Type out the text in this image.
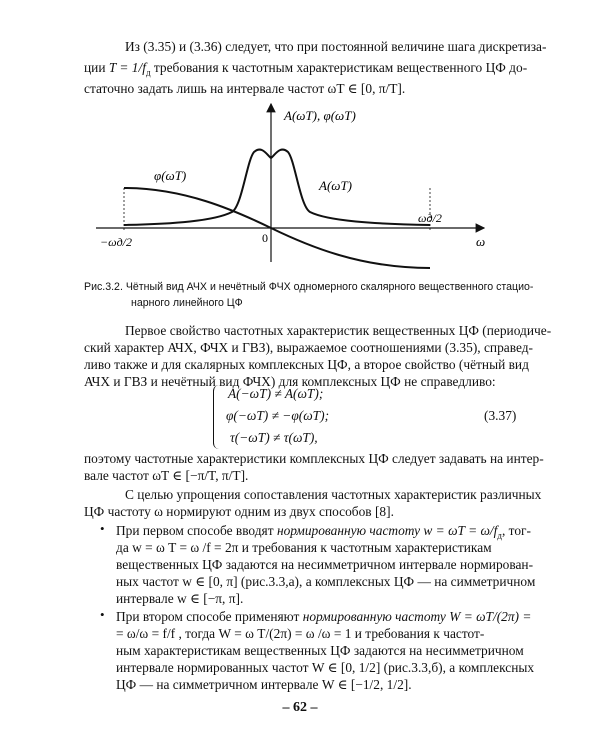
Из (3.35) и (3.36) следует, что при постоянной величине шага дискретиза-
ции $T = 1/f_д$ требования к частотным характеристикам вещественного ЦФ до-
статочно задать лишь на интервале частот ωT ∈ [0, π/T].
A(ωT), φ(ωT)
φ(ωT)
A(ωT)
ωд/2
−ωд/2	0	ω
Рис.3.2. Чётный вид АЧХ и нечётный ФЧХ одномерного скалярного вещественного стацио-
нарного линейного ЦФ
Первое свойство частотных характеристик вещественных ЦФ (периодиче-
ский характер АЧХ, ФЧХ и ГВЗ), выражаемое соотношениями (3.35), справед-
ливо также и для скалярных комплексных ЦФ, а второе свойство (чётный вид
АЧХ и ГВЗ и нечётный вид ФЧХ) для комплексных ЦФ не справедливо:
A(−ωT) ≠ A(ωT);
φ(−ωT) ≠ −φ(ωT);
τ(−ωT) ≠ τ(ωT),
(3.37)
поэтому частотные характеристики комплексных ЦФ следует задавать на интер-
вале частот ωT ∈ [−π/T, π/T].
С целью упрощения сопоставления частотных характеристик различных
ЦФ частоту ω нормируют одним из двух способов [8].
• При первом способе вводят нормированную частоту $w = \omega T = \omega/f_д$, тог-
да w = ω T = ω /f = 2π и требования к частотным характеристикам
вещественных ЦФ задаются на несимметричном интервале нормирован-
ных частот w ∈ [0, π] (рис.3.3,а), а комплексных ЦФ — на симметричном
интервале w ∈ [−π, π].
• При втором способе применяют нормированную частоту W = ωT/(2π) =
= ω/ω = f/f , тогда W = ω T/(2π) = ω /ω = 1 и требования к частот-
ным характеристикам вещественных ЦФ задаются на несимметричном
интервале нормированных частот W ∈ [0, 1/2] (рис.3.3,б), а комплексных
ЦФ — на симметричном интервале W ∈ [−1/2, 1/2].
– 62 –
